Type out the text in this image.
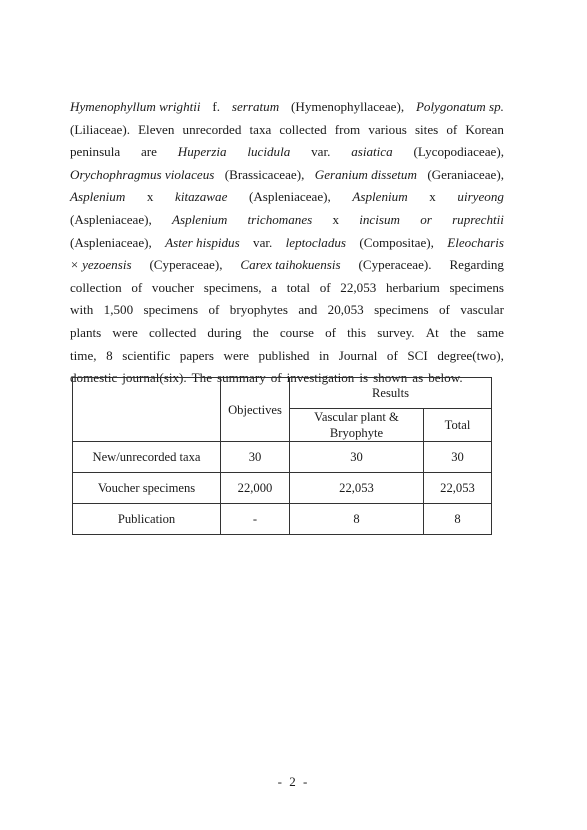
Hymenophyllum wrightii f. serratum (Hymenophyllaceae), Polygonatum sp.
(Liliaceae). Eleven unrecorded taxa collected from various sites of Korean
peninsula are Huperzia lucidula var. asiatica (Lycopodiaceae),
Orychophragmus violaceus (Brassicaceae), Geranium dissetum (Geraniaceae),
Asplenium x kitazawae (Aspleniaceae), Asplenium x uiryeong
(Aspleniaceae), Asplenium trichomanes x incisum or ruprechtii
(Aspleniaceae), Aster hispidus var. leptocladus (Compositae), Eleocharis
× yezoensis (Cyperaceae), Carex taihokuensis (Cyperaceae). Regarding
collection of voucher specimens, a total of 22,053 herbarium specimens
with 1,500 specimens of bryophytes and 20,053 specimens of vascular
plants were collected during the course of this survey. At the same
time, 8 scientific papers were published in Journal of SCI degree(two),
domestic journal(six). The summary of investigation is shown as below.
	Objectives	Results	
		Vascular plant & Bryophyte	Total
New/unrecorded taxa	30	30	30
Voucher specimens	22,000	22,053	22,053
Publication	-	8	8
- 2 -
